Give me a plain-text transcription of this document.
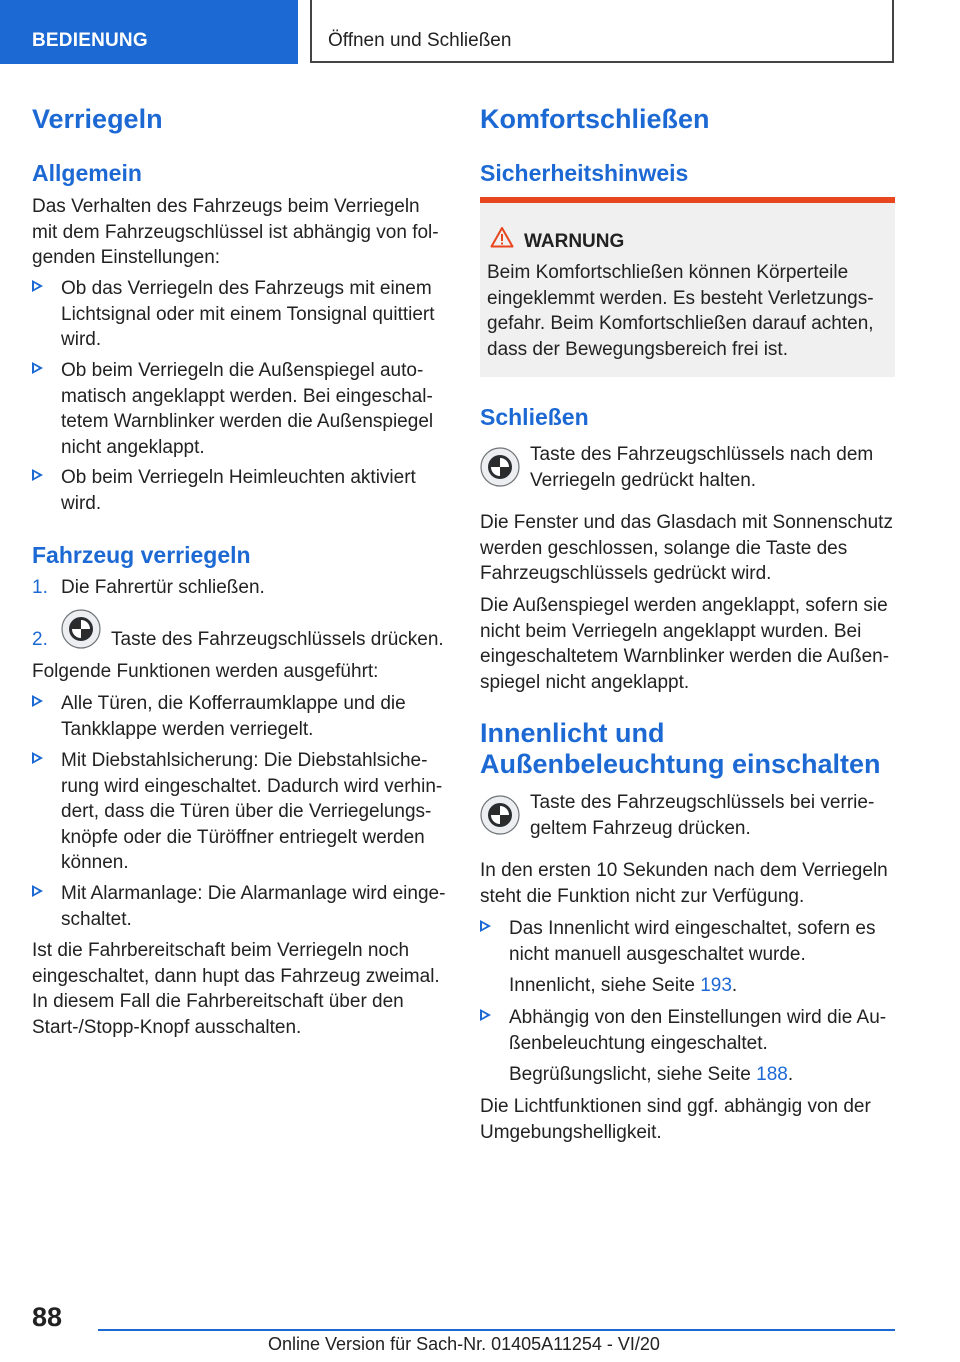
BEDIENUNG	Öffnen und Schließen
Verriegeln
Allgemein

Das Verhalten des Fahrzeugs beim Verriegeln mit dem Fahrzeugschlüssel ist abhängig von folgenden Einstellungen:

Ob das Verriegeln des Fahrzeugs mit einem Lichtsignal oder mit einem Tonsignal quittiert wird.

Ob beim Verriegeln die Außenspiegel automatisch angeklappt werden. Bei eingeschaltetem Warnblinker werden die Außenspiegel nicht angeklappt.

Ob beim Verriegeln Heimleuchten aktiviert wird.

Fahrzeug verriegeln
1. Die Fahrertür schließen.

2.	Taste des Fahrzeugschlüssels drücken.

Folgende Funktionen werden ausgeführt:

Alle Türen, die Kofferraumklappe und die Tankklappe werden verriegelt.

Mit Diebstahlsicherung: Die Diebstahlsicherung wird eingeschaltet. Dadurch wird verhindert, dass die Türen über die Verriegelungsknöpfe oder die Türöffner entriegelt werden können.

Mit Alarmanlage: Die Alarmanlage wird eingeschaltet.

Ist die Fahrbereitschaft beim Verriegeln noch eingeschaltet, dann hupt das Fahrzeug zweimal. In diesem Fall die Fahrbereitschaft über den Start-/Stopp-Knopf ausschalten.

Komfortschließen
Sicherheitshinweis
WARNUNG

Beim Komfortschließen können Körperteile eingeklemmt werden. Es besteht Verletzungsgefahr. Beim Komfortschließen darauf achten, dass der Bewegungsbereich frei ist.

Schließen

Taste des Fahrzeugschlüssels nach dem Verriegeln gedrückt halten.

Die Fenster und das Glasdach mit Sonnenschutz werden geschlossen, solange die Taste des Fahrzeugschlüssels gedrückt wird.

Die Außenspiegel werden angeklappt, sofern sie nicht beim Verriegeln angeklappt wurden. Bei eingeschaltetem Warnblinker werden die Außenspiegel nicht angeklappt.

Innenlicht und
Außenbeleuchtung einschalten

Taste des Fahrzeugschlüssels bei verriegeltem Fahrzeug drücken.

In den ersten 10 Sekunden nach dem Verriegeln steht die Funktion nicht zur Verfügung.

Das Innenlicht wird eingeschaltet, sofern es nicht manuell ausgeschaltet wurde.

Innenlicht, siehe Seite 193.

Abhängig von den Einstellungen wird die Außenbeleuchtung eingeschaltet.

Begrüßungslicht, siehe Seite 188.

Die Lichtfunktionen sind ggf. abhängig von der Umgebungshelligkeit.

88
Online Version für Sach-Nr. 01405A11254 - VI/20
